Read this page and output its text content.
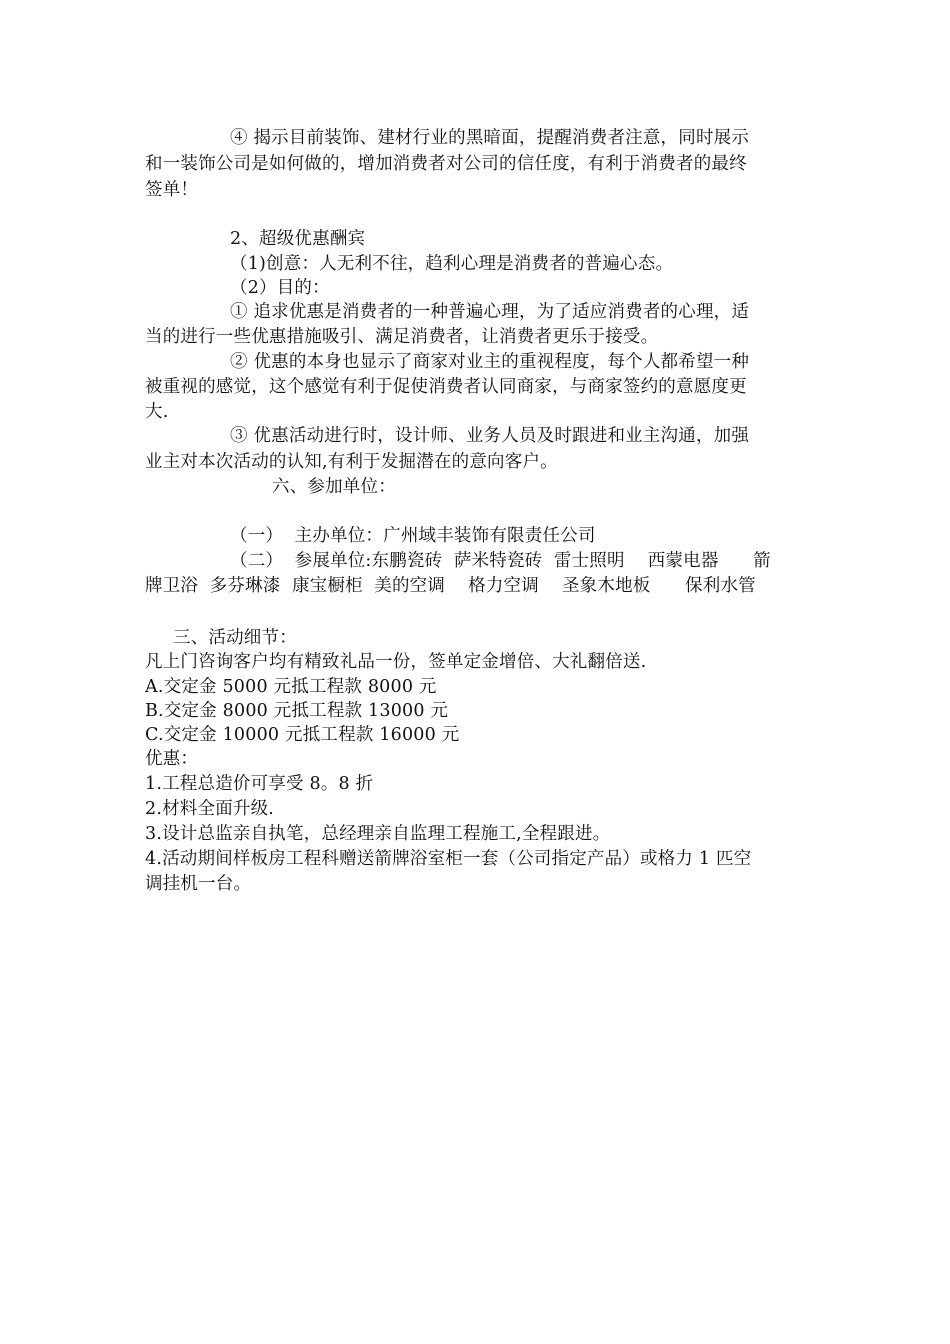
④ 揭示目前装饰、建材行业的黑暗面，提醒消费者注意，同时展示
和一装饰公司是如何做的，增加消费者对公司的信任度，有利于消费者的最终
签单！
2、超级优惠酬宾
（1)创意：人无利不往，趋利心理是消费者的普遍心态。
（2）目的：
① 追求优惠是消费者的一种普遍心理，为了适应消费者的心理，适
当的进行一些优惠措施吸引、满足消费者，让消费者更乐于接受。
② 优惠的本身也显示了商家对业主的重视程度，每个人都希望一种
被重视的感觉，这个感觉有利于促使消费者认同商家，与商家签约的意愿度更
大.
③ 优惠活动进行时，设计师、业务人员及时跟进和业主沟通，加强
业主对本次活动的认知,有利于发掘潜在的意向客户。
六、参加单位：
（一）  主办单位：广州域丰装饰有限责任公司
（二）  参展单位:东鹏瓷砖  萨米特瓷砖  雷士照明    西蒙电器      箭
牌卫浴  多芬琳漆  康宝橱柜  美的空调    格力空调    圣象木地板      保利水管
三、活动细节：
凡上门咨询客户均有精致礼品一份，签单定金增倍、大礼翻倍送.
A.交定金 5000 元抵工程款 8000 元
B.交定金 8000 元抵工程款 13000 元
C.交定金 10000 元抵工程款 16000 元
优惠：
1.工程总造价可享受 8。8 折
2.材料全面升级.
3.设计总监亲自执笔，总经理亲自监理工程施工,全程跟进。
4.活动期间样板房工程科赠送箭牌浴室柜一套（公司指定产品）或格力 1 匹空
调挂机一台。
